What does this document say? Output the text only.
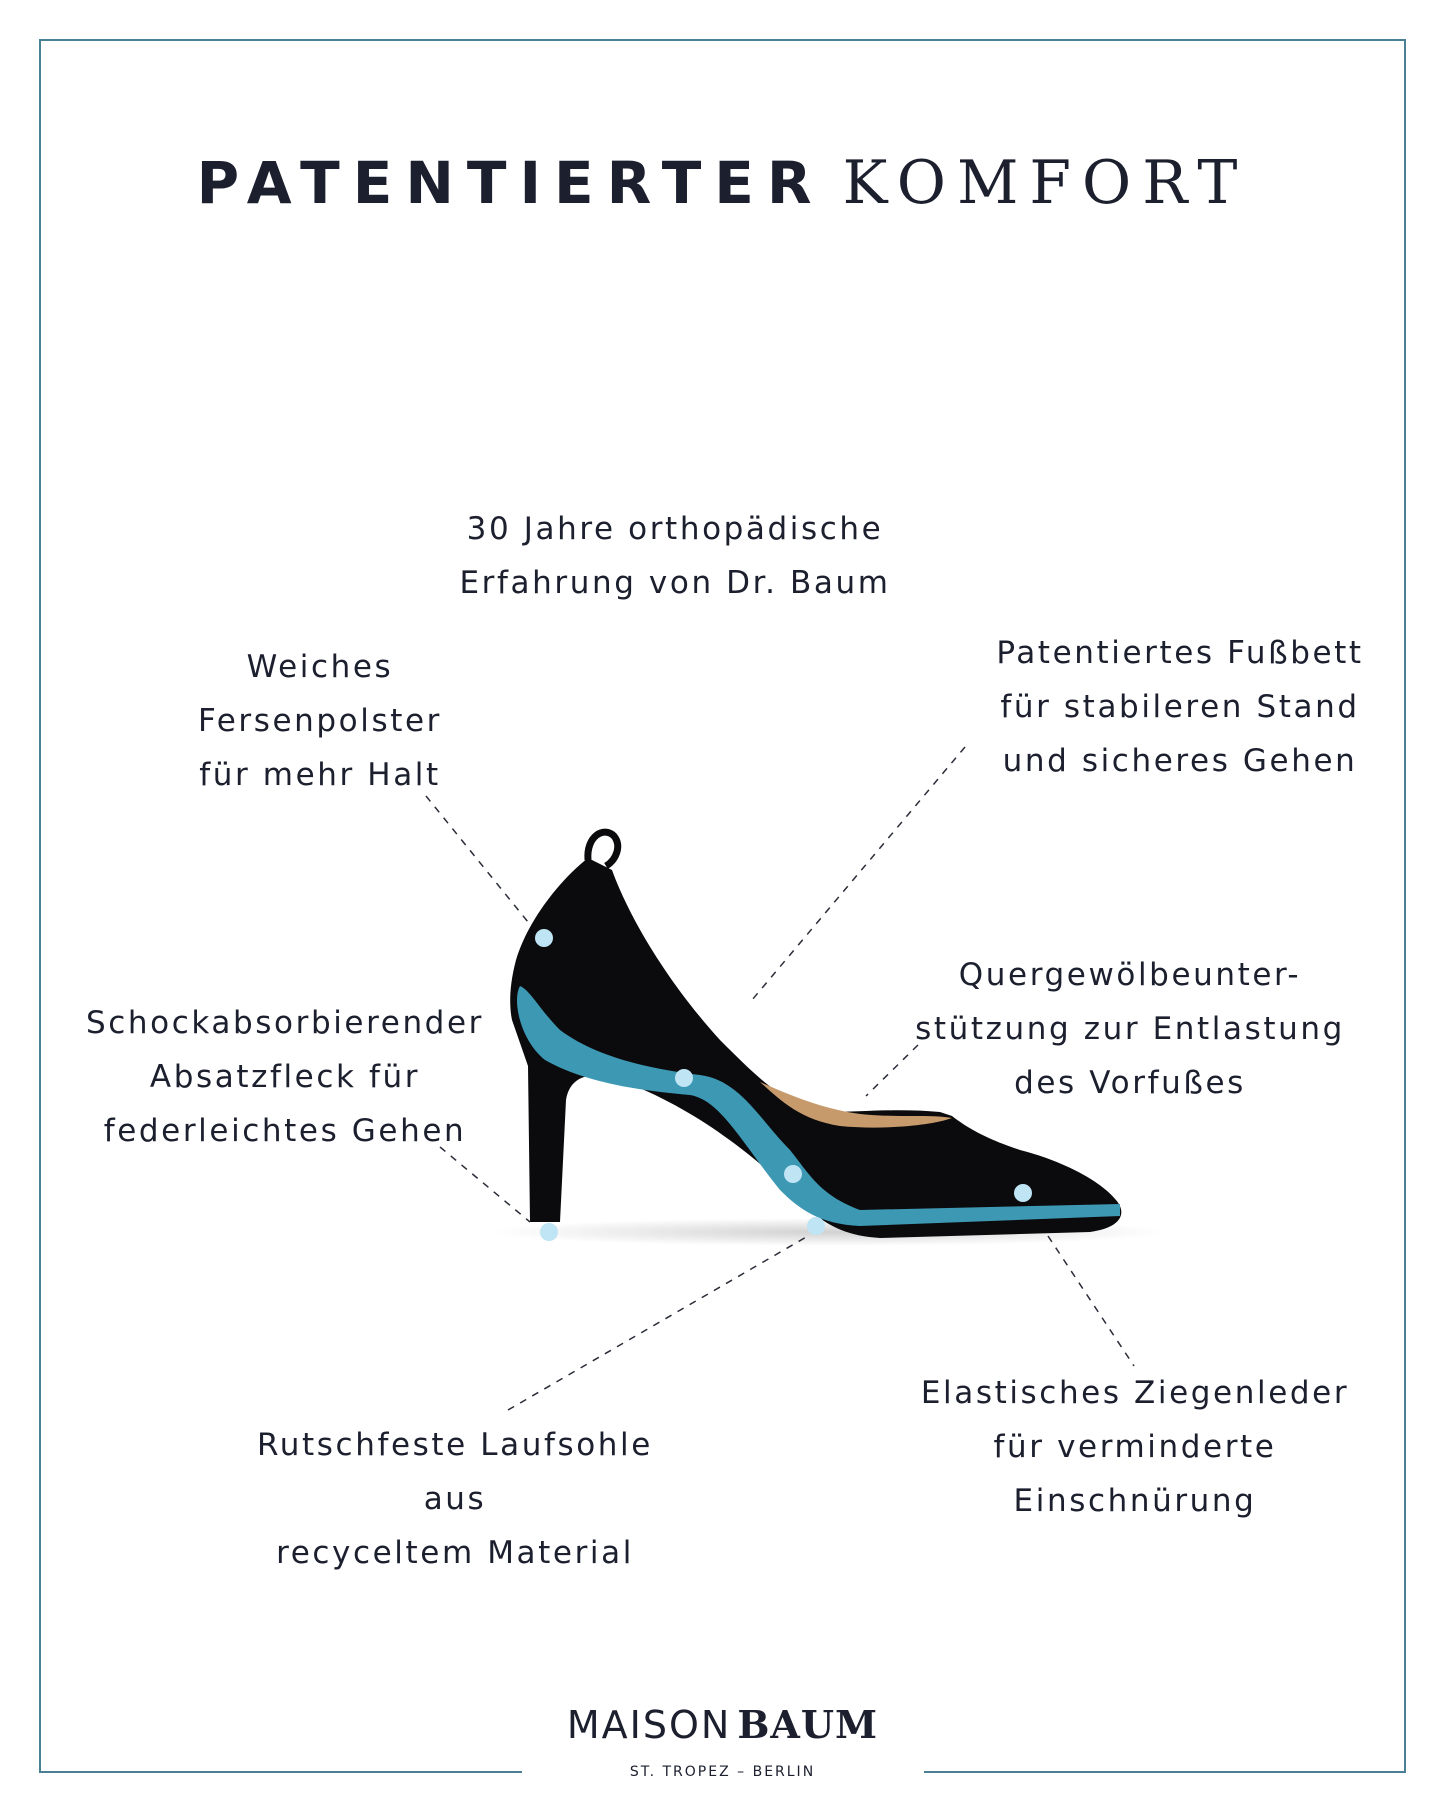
PATENTIERTER KOMFORT
30 Jahre orthopädische
Erfahrung von Dr. Baum
Weiches
Fersenpolster
für mehr Halt
Patentiertes Fußbett
für stabileren Stand
und sicheres Gehen
Quergewölbeunter-
stützung zur Entlastung
des Vorfußes
Schockabsorbierender
Absatzfleck für
federleichtes Gehen
Rutschfeste Laufsohle
aus
recyceltem Material
Elastisches Ziegenleder
für verminderte
Einschnürung
MAISON BAUM
ST. TROPEZ – BERLIN
